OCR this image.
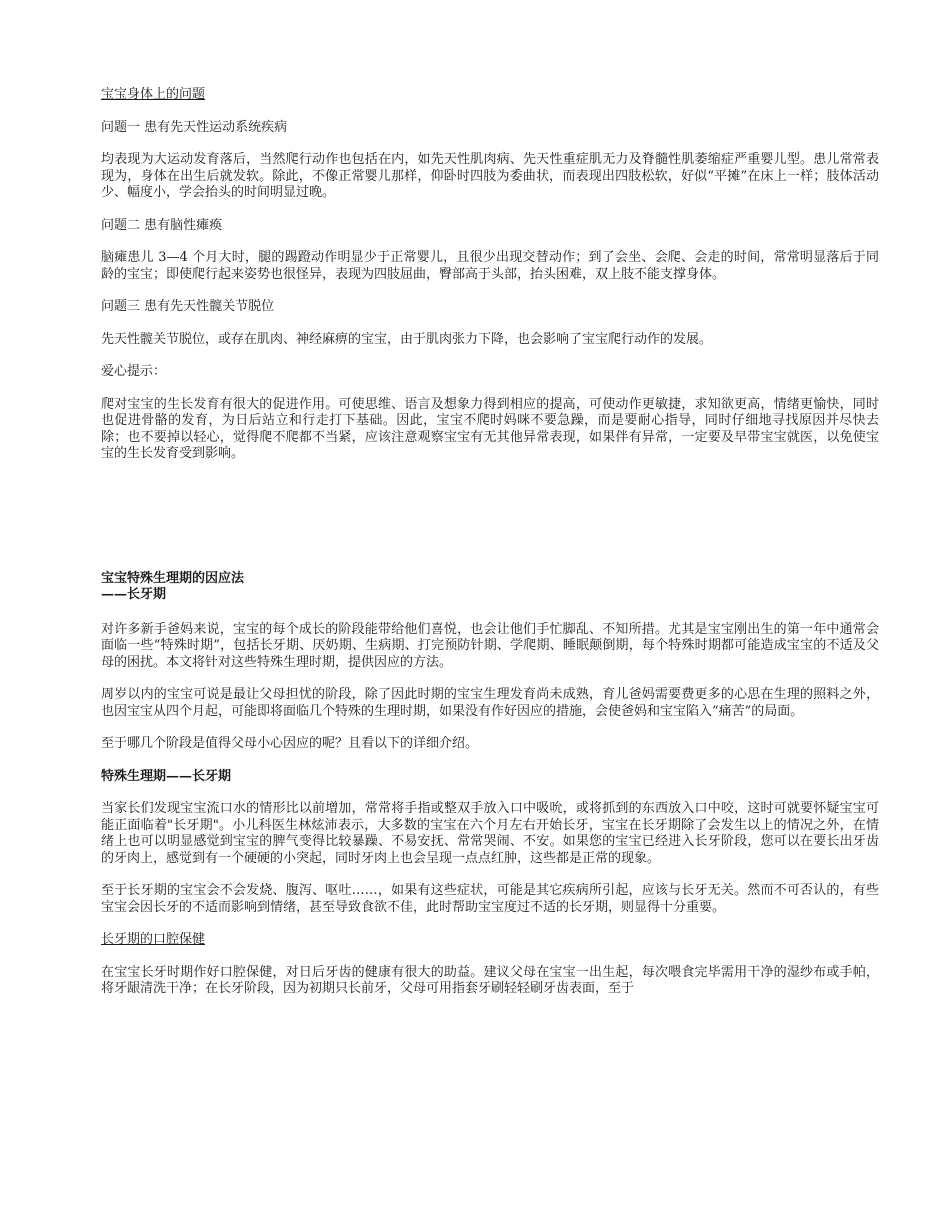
宝宝身体上的问题

问题一 患有先天性运动系统疾病

均表现为大运动发育落后，当然爬行动作也包括在内，如先天性肌肉病、先天性重症肌无力及脊髓性肌萎缩症严重婴儿型。患儿常常表现为，身体在出生后就发软。除此，不像正常婴儿那样，仰卧时四肢为委曲状，而表现出四肢松软，好似“平摊”在床上一样；肢体活动少、幅度小，学会抬头的时间明显过晚。

问题二 患有脑性瘫痪

脑瘫患儿 3—4 个月大时，腿的踢蹬动作明显少于正常婴儿，且很少出现交替动作；到了会坐、会爬、会走的时间，常常明显落后于同龄的宝宝；即使爬行起来姿势也很怪异，表现为四肢屈曲，臀部高于头部，抬头困难，双上肢不能支撑身体。

问题三 患有先天性髋关节脱位

先天性髋关节脱位，或存在肌肉、神经麻痹的宝宝，由于肌肉张力下降，也会影响了宝宝爬行动作的发展。

爱心提示：

爬对宝宝的生长发育有很大的促进作用。可使思维、语言及想象力得到相应的提高，可使动作更敏捷，求知欲更高，情绪更愉快，同时也促进骨骼的发育，为日后站立和行走打下基础。因此，宝宝不爬时妈咪不要急躁，而是要耐心指导，同时仔细地寻找原因并尽快去除；也不要掉以轻心，觉得爬不爬都不当紧，应该注意观察宝宝有无其他异常表现，如果伴有异常，一定要及早带宝宝就医，以免使宝宝的生长发育受到影响。

宝宝特殊生理期的因应法
——长牙期

对许多新手爸妈来说，宝宝的每个成长的阶段能带给他们喜悦，也会让他们手忙脚乱、不知所措。尤其是宝宝刚出生的第一年中通常会面临一些“特殊时期”，包括长牙期、厌奶期、生病期、打完预防针期、学爬期、睡眠颠倒期，每个特殊时期都可能造成宝宝的不适及父母的困扰。本文将针对这些特殊生理时期，提供因应的方法。

周岁以内的宝宝可说是最让父母担忧的阶段，除了因此时期的宝宝生理发育尚未成熟，育儿爸妈需要费更多的心思在生理的照料之外， 也因宝宝从四个月起，可能即将面临几个特殊的生理时期，如果没有作好因应的措施，会使爸妈和宝宝陷入“痛苦”的局面。

至于哪几个阶段是值得父母小心因应的呢？且看以下的详细介绍。

特殊生理期——长牙期

当家长们发现宝宝流口水的情形比以前增加，常常将手指或整双手放入口中吸吮，或将抓到的东西放入口中咬，这时可就要怀疑宝宝可能正面临着"长牙期"。小儿科医生林炫沛表示，大多数的宝宝在六个月左右开始长牙，宝宝在长牙期除了会发生以上的情况之外，在情绪上也可以明显感觉到宝宝的脾气变得比较暴躁、不易安抚、常常哭闹、不安。如果您的宝宝已经进入长牙阶段，您可以在要长出牙齿的牙肉上，感觉到有一个硬硬的小突起，同时牙肉上也会呈现一点点红肿，这些都是正常的现象。

至于长牙期的宝宝会不会发烧、腹泻、呕吐……，如果有这些症状，可能是其它疾病所引起，应该与长牙无关。然而不可否认的，有些宝宝会因长牙的不适而影响到情绪，甚至导致食欲不佳，此时帮助宝宝度过不适的长牙期，则显得十分重要。

长牙期的口腔保健

在宝宝长牙时期作好口腔保健，对日后牙齿的健康有很大的助益。建议父母在宝宝一出生起，每次喂食完毕需用干净的湿纱布或手帕，将牙龈清洗干净；在长牙阶段，因为初期只长前牙，父母可用指套牙刷轻轻刷牙齿表面，至于
